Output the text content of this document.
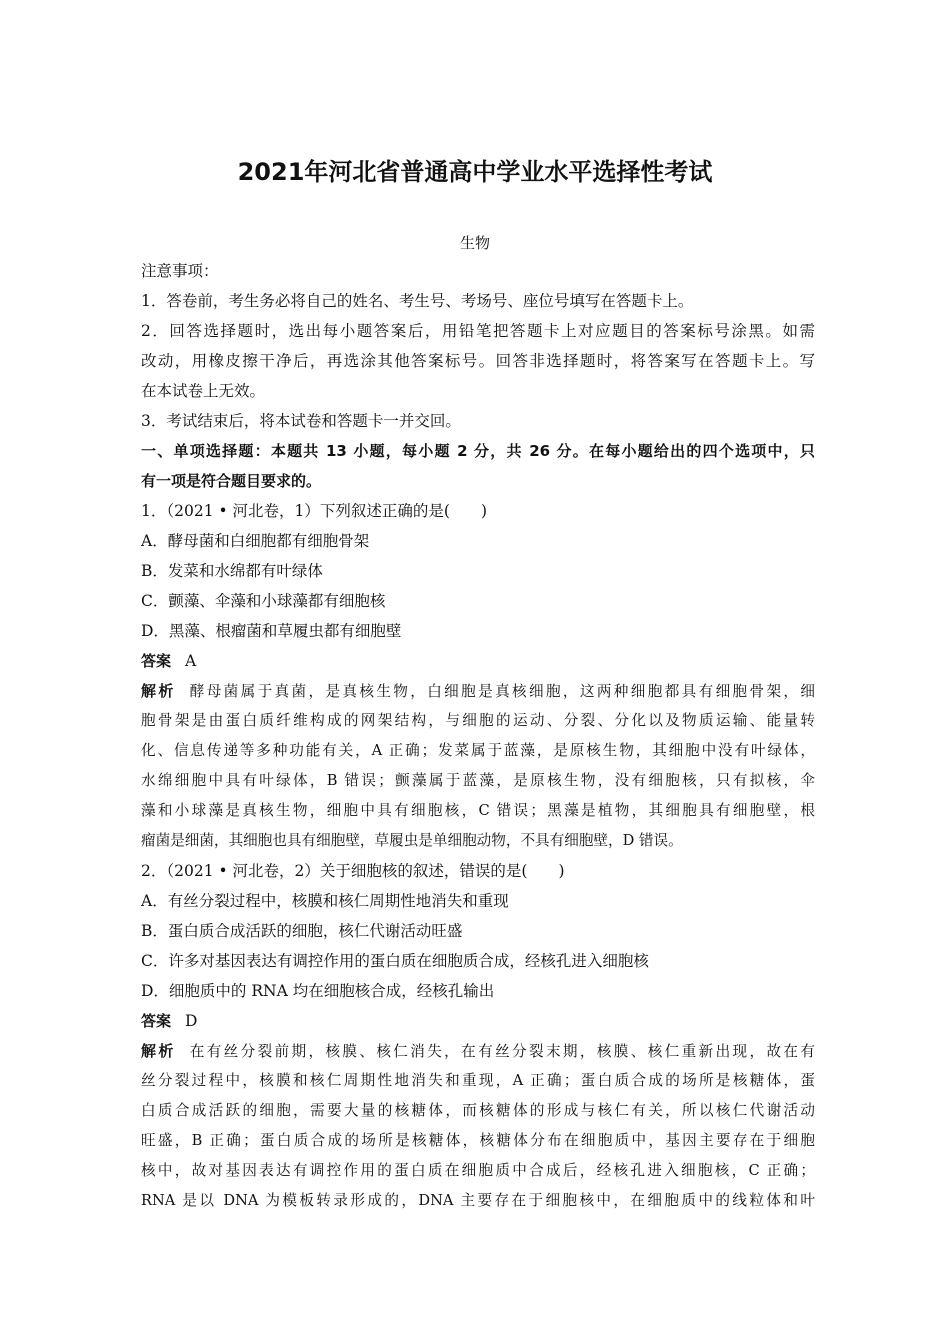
2021年河北省普通高中学业水平选择性考试
生物
注意事项：
1．答卷前，考生务必将自己的姓名、考生号、考场号、座位号填写在答题卡上。
2．回答选择题时，选出每小题答案后，用铅笔把答题卡上对应题目的答案标号涂黑。如需
改动，用橡皮擦干净后，再选涂其他答案标号。回答非选择题时，将答案写在答题卡上。写
在本试卷上无效。
3．考试结束后，将本试卷和答题卡一并交回。
一、单项选择题：本题共 13 小题，每小题 2 分，共 26 分。在每小题给出的四个选项中，只
有一项是符合题目要求的。
1．（2021 • 河北卷，1）下列叙述正确的是(　　)
A．酵母菌和白细胞都有细胞骨架
B．发菜和水绵都有叶绿体
C．颤藻、伞藻和小球藻都有细胞核
D．黑藻、根瘤菌和草履虫都有细胞壁
答案 A
解析 酵母菌属于真菌，是真核生物，白细胞是真核细胞，这两种细胞都具有细胞骨架，细
胞骨架是由蛋白质纤维构成的网架结构，与细胞的运动、分裂、分化以及物质运输、能量转
化、信息传递等多种功能有关，A 正确；发菜属于蓝藻，是原核生物，其细胞中没有叶绿体，
水绵细胞中具有叶绿体，B 错误；颤藻属于蓝藻，是原核生物，没有细胞核，只有拟核，伞
藻和小球藻是真核生物，细胞中具有细胞核，C 错误；黑藻是植物，其细胞具有细胞壁，根
瘤菌是细菌，其细胞也具有细胞壁，草履虫是单细胞动物，不具有细胞壁，D 错误。
2．（2021 • 河北卷，2）关于细胞核的叙述，错误的是(　　)
A．有丝分裂过程中，核膜和核仁周期性地消失和重现
B．蛋白质合成活跃的细胞，核仁代谢活动旺盛
C．许多对基因表达有调控作用的蛋白质在细胞质合成，经核孔进入细胞核
D．细胞质中的 RNA 均在细胞核合成，经核孔输出
答案 D
解析 在有丝分裂前期，核膜、核仁消失，在有丝分裂末期，核膜、核仁重新出现，故在有
丝分裂过程中，核膜和核仁周期性地消失和重现，A 正确；蛋白质合成的场所是核糖体，蛋
白质合成活跃的细胞，需要大量的核糖体，而核糖体的形成与核仁有关，所以核仁代谢活动
旺盛，B 正确；蛋白质合成的场所是核糖体，核糖体分布在细胞质中，基因主要存在于细胞
核中，故对基因表达有调控作用的蛋白质在细胞质中合成后，经核孔进入细胞核，C 正确；
RNA 是以 DNA 为模板转录形成的，DNA 主要存在于细胞核中，在细胞质中的线粒体和叶
